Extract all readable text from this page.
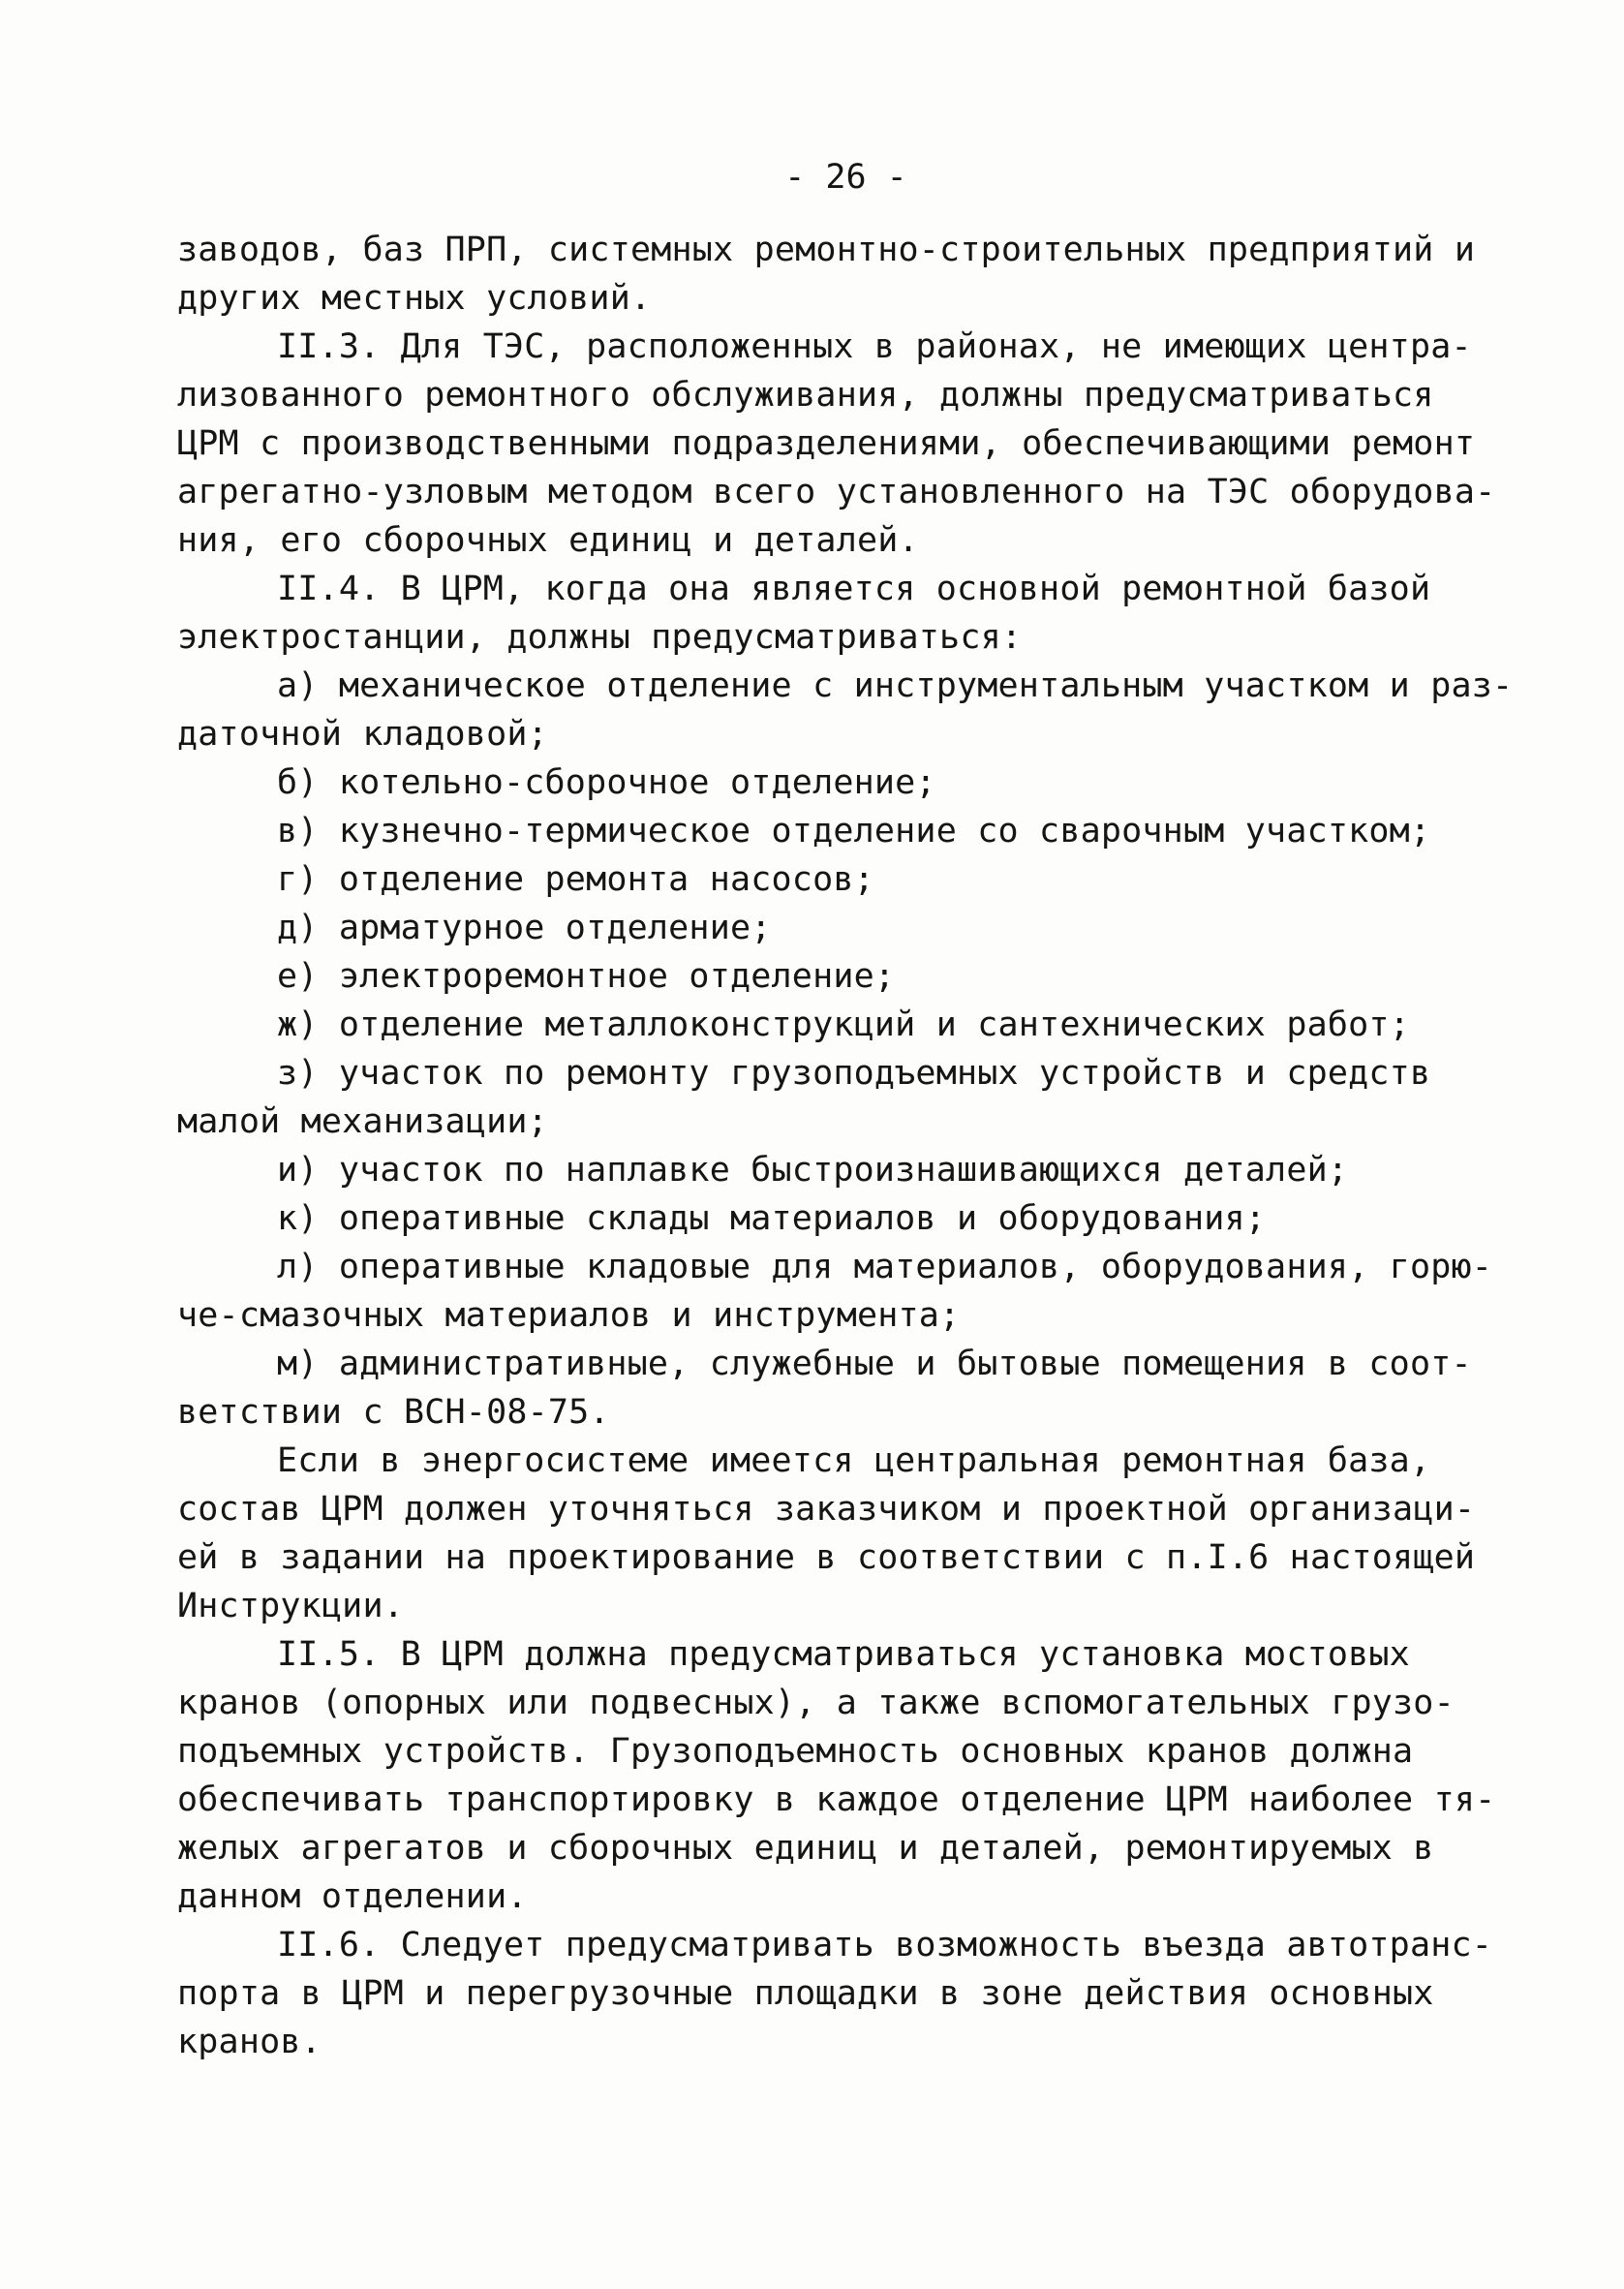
- 26 -
заводов, баз ПРП, системных ремонтно-строительных предприятий и
других местных условий.
II.3. Для ТЭС, расположенных в районах, не имеющих центра-
лизованного ремонтного обслуживания, должны предусматриваться
ЦРМ с производственными подразделениями, обеспечивающими ремонт
агрегатно-узловым методом всего установленного на ТЭС оборудова-
ния, его сборочных единиц и деталей.
II.4. В ЦРМ, когда она является основной ремонтной базой
электростанции, должны предусматриваться:
а) механическое отделение с инструментальным участком и раз-
даточной кладовой;
б) котельно-сборочное отделение;
в) кузнечно-термическое отделение со сварочным участком;
г) отделение ремонта насосов;
д) арматурное отделение;
е) электроремонтное отделение;
ж) отделение металлоконструкций и сантехнических работ;
з) участок по ремонту грузоподъемных устройств и средств
малой механизации;
и) участок по наплавке быстроизнашивающихся деталей;
к) оперативные склады материалов и оборудования;
л) оперативные кладовые для материалов, оборудования, горю-
че-смазочных материалов и инструмента;
м) административные, служебные и бытовые помещения в соот-
ветствии с ВСН-08-75.
Если в энергосистеме имеется центральная ремонтная база,
состав ЦРМ должен уточняться заказчиком и проектной организаци-
ей в задании на проектирование в соответствии с п.I.6 настоящей
Инструкции.
II.5. В ЦРМ должна предусматриваться установка мостовых
кранов (опорных или подвесных), а также вспомогательных грузо-
подъемных устройств. Грузоподъемность основных кранов должна
обеспечивать транспортировку в каждое отделение ЦРМ наиболее тя-
желых агрегатов и сборочных единиц и деталей, ремонтируемых в
данном отделении.
II.6. Следует предусматривать возможность въезда автотранс-
порта в ЦРМ и перегрузочные площадки в зоне действия основных
кранов.
